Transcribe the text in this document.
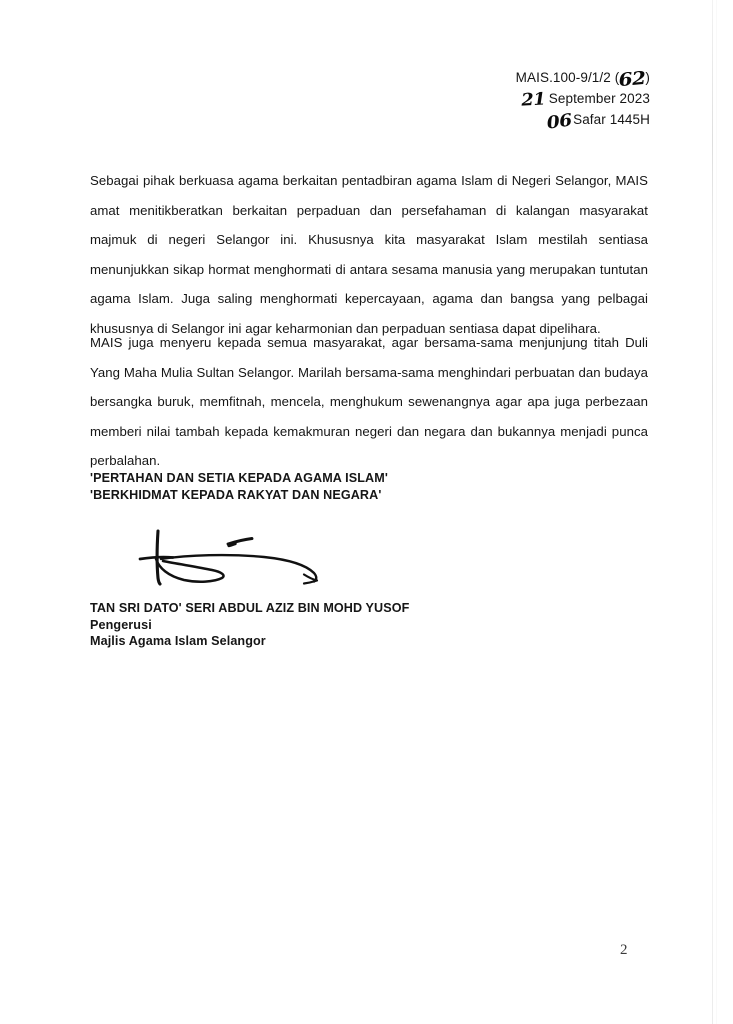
MAIS.100-9/1/2 (62)
21 September 2023
06Safar 1445H

Sebagai pihak berkuasa agama berkaitan pentadbiran agama Islam di Negeri Selangor, MAIS amat menitikberatkan berkaitan perpaduan dan persefahaman di kalangan masyarakat majmuk di negeri Selangor ini. Khususnya kita masyarakat Islam mestilah sentiasa menunjukkan sikap hormat menghormati di antara sesama manusia yang merupakan tuntutan agama Islam. Juga saling menghormati kepercayaan, agama dan bangsa yang pelbagai khususnya di Selangor ini agar keharmonian dan perpaduan sentiasa dapat dipelihara.

MAIS juga menyeru kepada semua masyarakat, agar bersama-sama menjunjung titah Duli Yang Maha Mulia Sultan Selangor. Marilah bersama-sama menghindari perbuatan dan budaya bersangka buruk, memfitnah, mencela, menghukum sewenangnya agar apa juga perbezaan memberi nilai tambah kepada kemakmuran negeri dan negara dan bukannya menjadi punca perbalahan.

'PERTAHAN DAN SETIA KEPADA AGAMA ISLAM'
'BERKHIDMAT KEPADA RAKYAT DAN NEGARA'
TAN SRI DATO' SERI ABDUL AZIZ BIN MOHD YUSOF
Pengerusi
Majlis Agama Islam Selangor
2
